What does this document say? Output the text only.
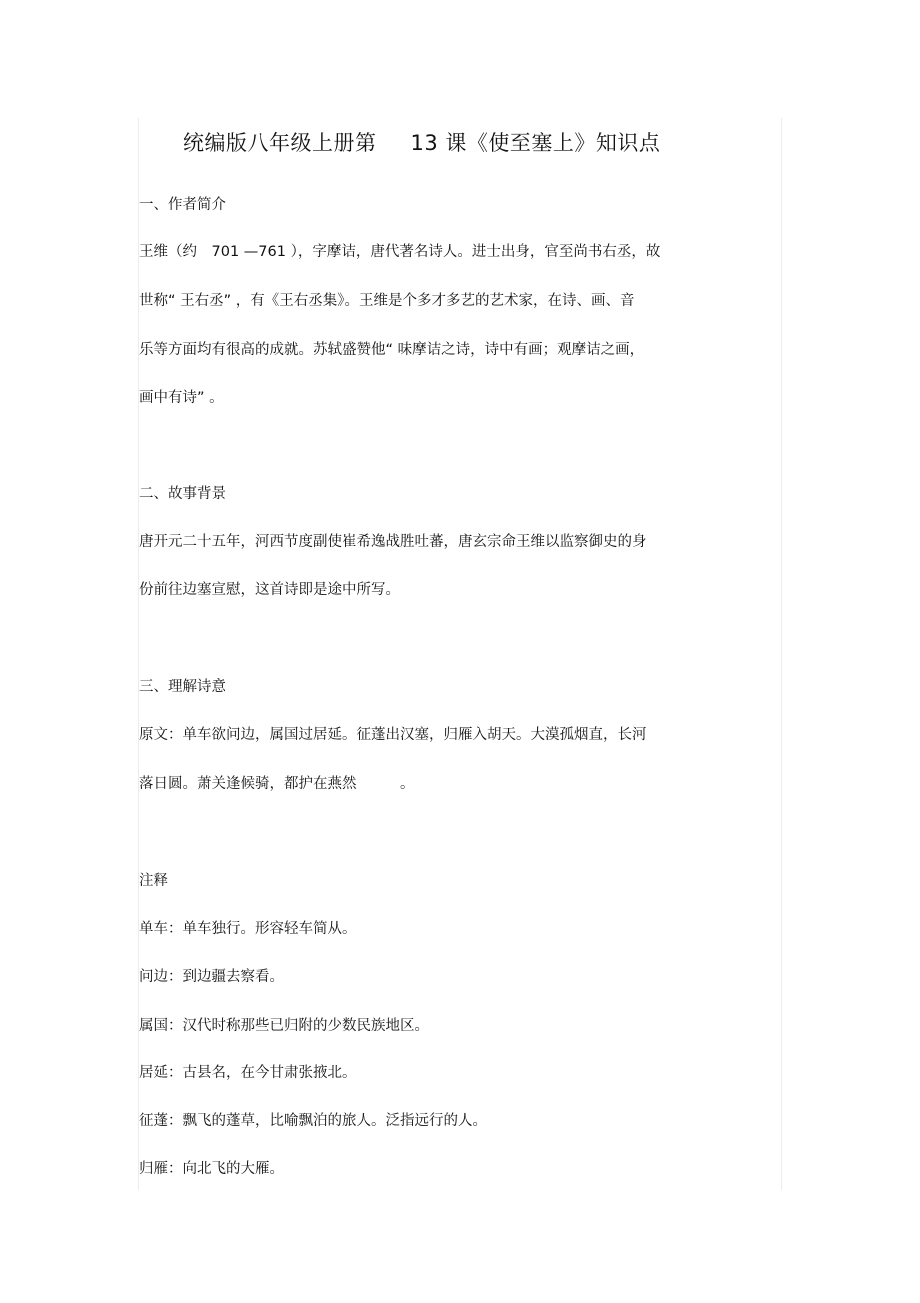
统编版八年级上册第 13 课《使至塞上》知识点
一、作者简介
王维（约　701 —761 ），字摩诘，唐代著名诗人。进士出身，官至尚书右丞，故
世称“ 王右丞” ，有《王右丞集》。王维是个多才多艺的艺术家，在诗、画、音
乐等方面均有很高的成就。苏轼盛赞他“ 味摩诘之诗，诗中有画；观摩诘之画，
画中有诗” 。
二、故事背景
唐开元二十五年，河西节度副使崔希逸战胜吐蕃，唐玄宗命王维以监察御史的身
份前往边塞宣慰，这首诗即是途中所写。
三、理解诗意
原文：单车欲问边，属国过居延。征蓬出汉塞，归雁入胡天。大漠孤烟直，长河
落日圆。萧关逢候骑，都护在燕然　　　。
注释
单车：单车独行。形容轻车简从。
问边：到边疆去察看。
属国：汉代时称那些已归附的少数民族地区。
居延：古县名，在今甘肃张掖北。
征蓬：飘飞的蓬草，比喻飘泊的旅人。泛指远行的人。
归雁：向北飞的大雁。
